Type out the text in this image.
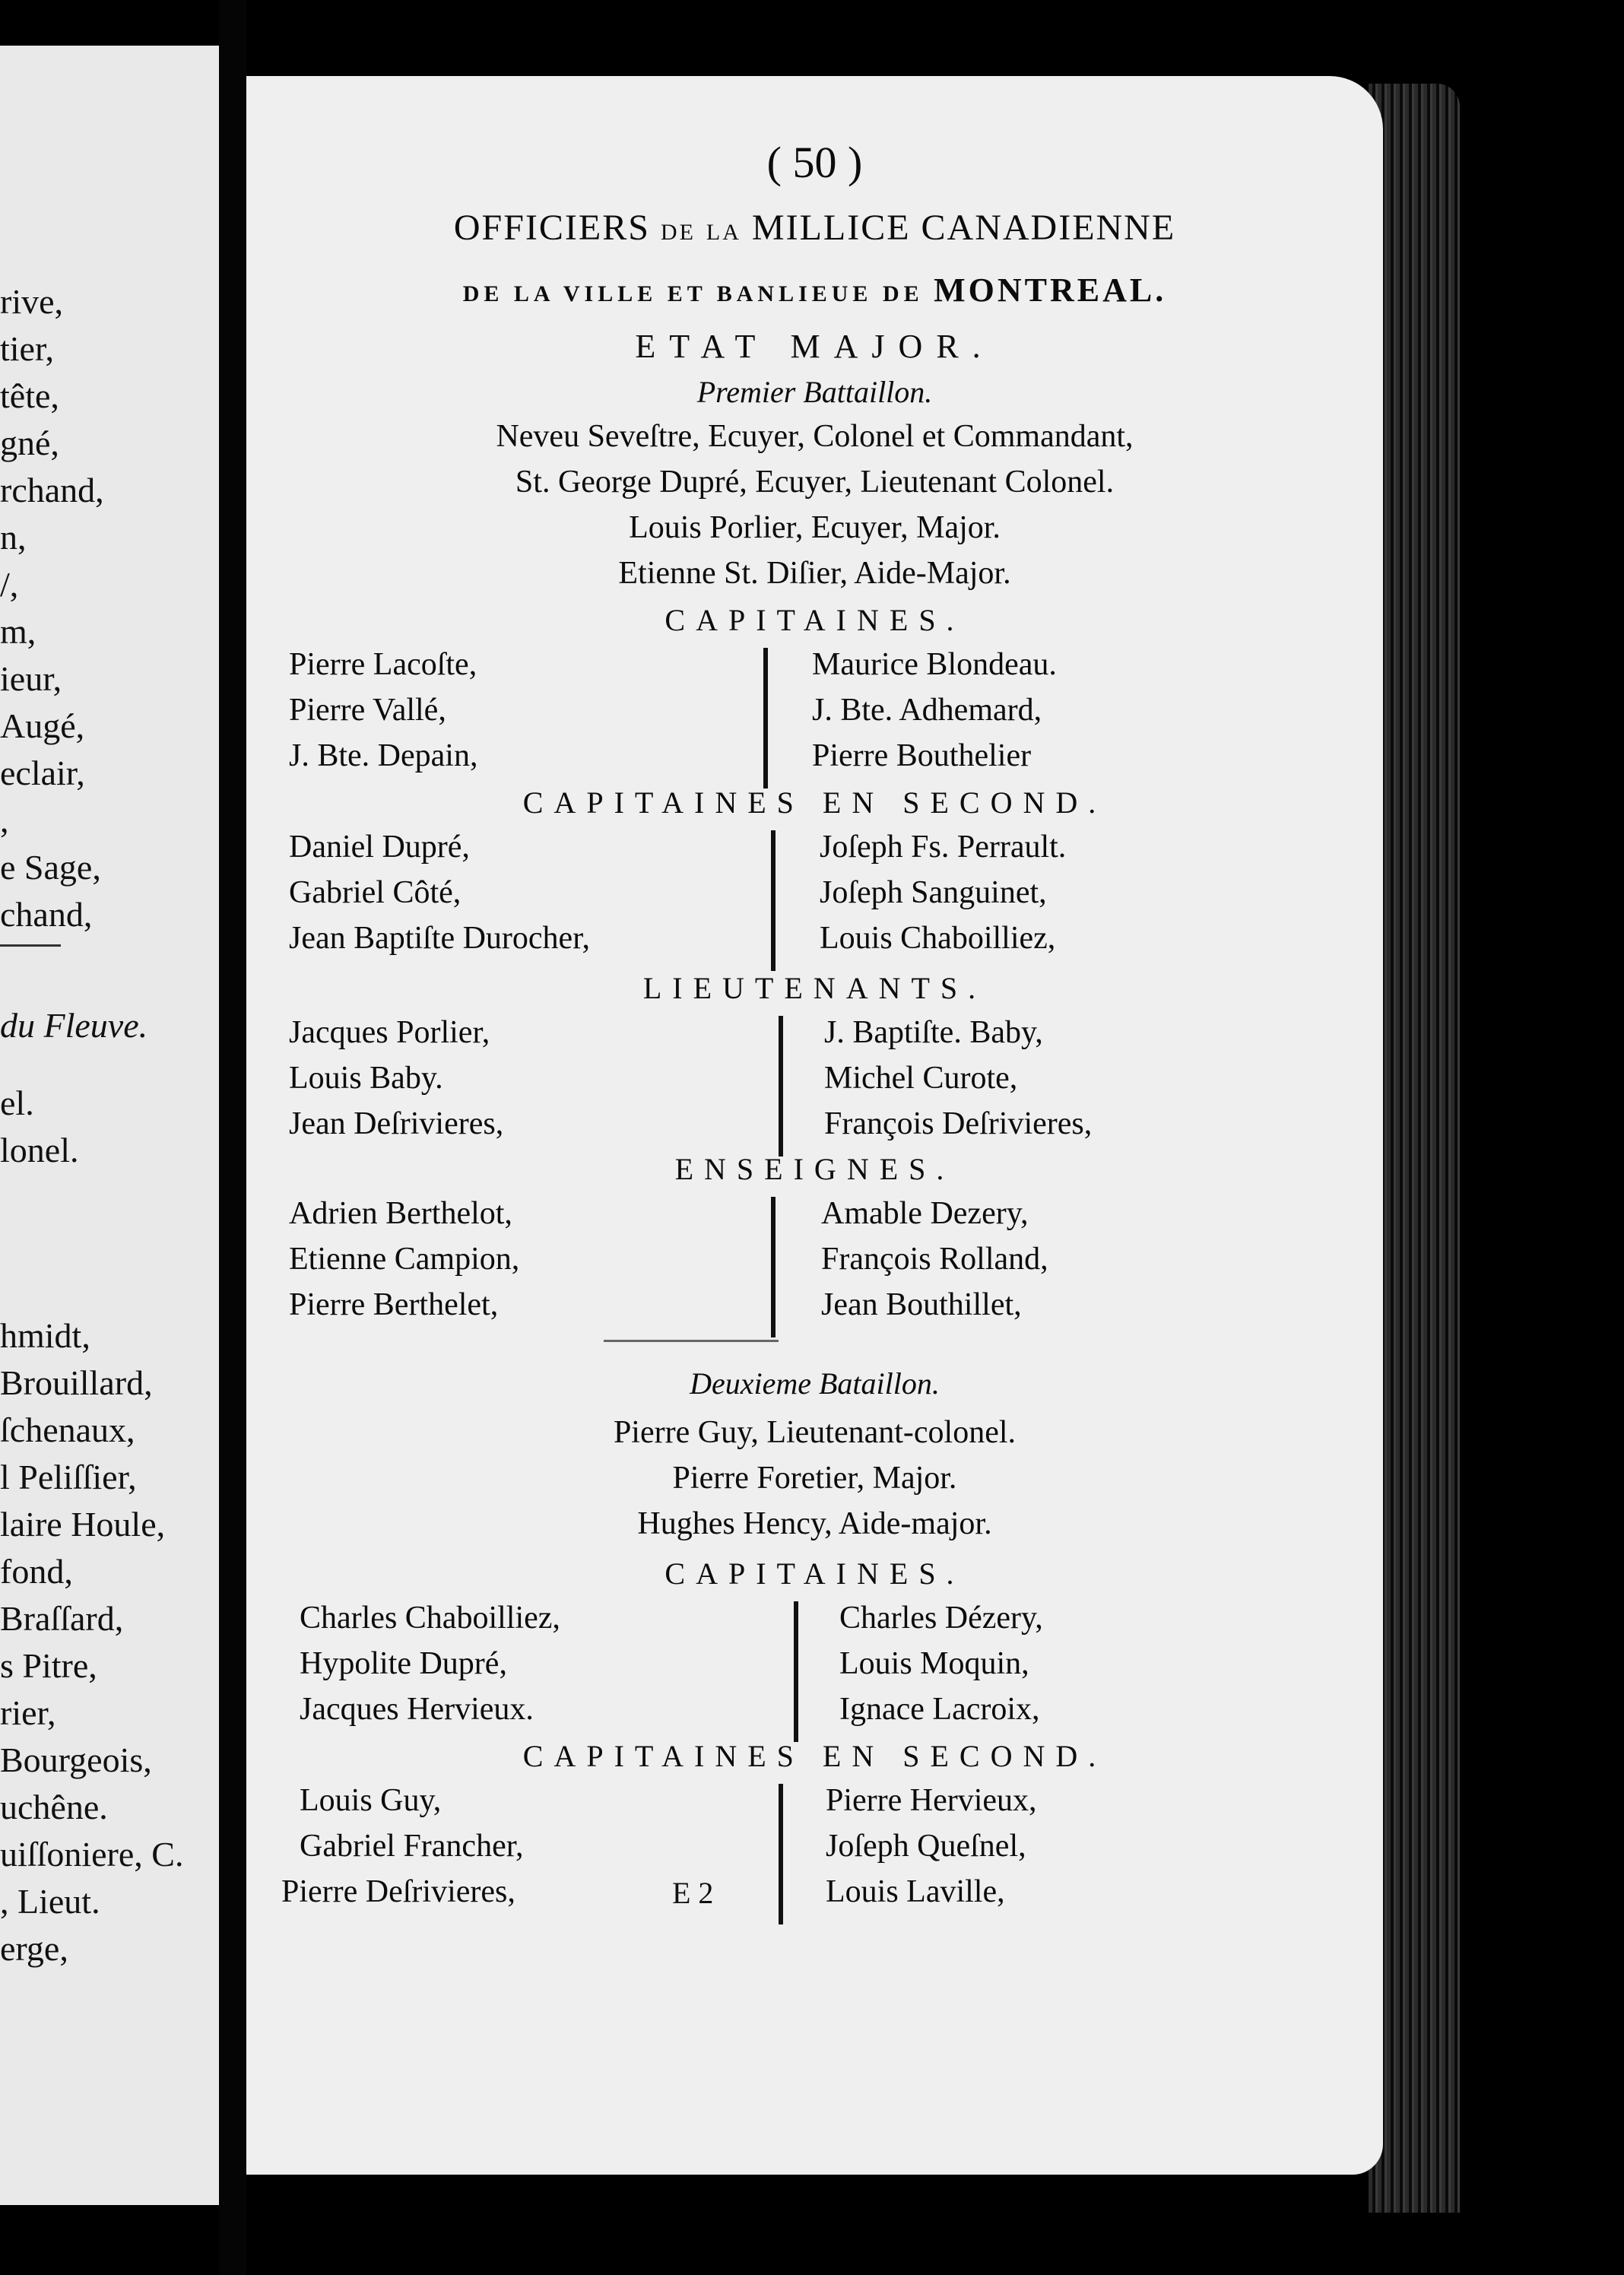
rive,
tier,
tête,
gné,
rchand,
n,
/,
m,
ieur,
Augé,
eclair,
,
e Sage,
chand,
du Fleuve.
el.
lonel.
hmidt,
Brouillard,
ſchenaux,
l Peliſſier,
laire Houle,
fond,
Braſſard,
s Pitre,
rier,
Bourgeois,
uchêne.
uiſſoniere, C.
, Lieut.
erge,
( 50 )
OFFICIERS DE LA MILLICE CANADIENNE
DE LA VILLE ET BANLIEUE DE MONTREAL.
ETAT MAJOR.
Premier Battaillon.
Neveu Seveſtre, Ecuyer, Colonel et Commandant,
St. George Dupré, Ecuyer, Lieutenant Colonel.
Louis Porlier, Ecuyer, Major.
Etienne St. Diſier, Aide-Major.
CAPITAINES.
Pierre Lacoſte,
Pierre Vallé,
J. Bte. Depain,
Maurice Blondeau.
J. Bte. Adhemard,
Pierre Bouthelier
CAPITAINES EN SECOND.
Daniel Dupré,
Gabriel Côté,
Jean Baptiſte Durocher,
Joſeph Fs. Perrault.
Joſeph Sanguinet,
Louis Chaboilliez,
LIEUTENANTS.
Jacques Porlier,
Louis Baby.
Jean Deſrivieres,
J. Baptiſte. Baby,
Michel Curote,
François Deſrivieres,
ENSEIGNES.
Adrien Berthelot,
Etienne Campion,
Pierre Berthelet,
Amable Dezery,
François Rolland,
Jean Bouthillet,
Deuxieme Bataillon.
Pierre Guy, Lieutenant-colonel.
Pierre Foretier, Major.
Hughes Hency, Aide-major.
CAPITAINES.
Charles Chaboilliez,
Hypolite Dupré,
Jacques Hervieux.
Charles Dézery,
Louis Moquin,
Ignace Lacroix,
CAPITAINES EN SECOND.
Louis Guy,
Gabriel Francher,
Pierre Deſrivieres,	E 2
Pierre Hervieux,
Joſeph Queſnel,
Louis Laville,
